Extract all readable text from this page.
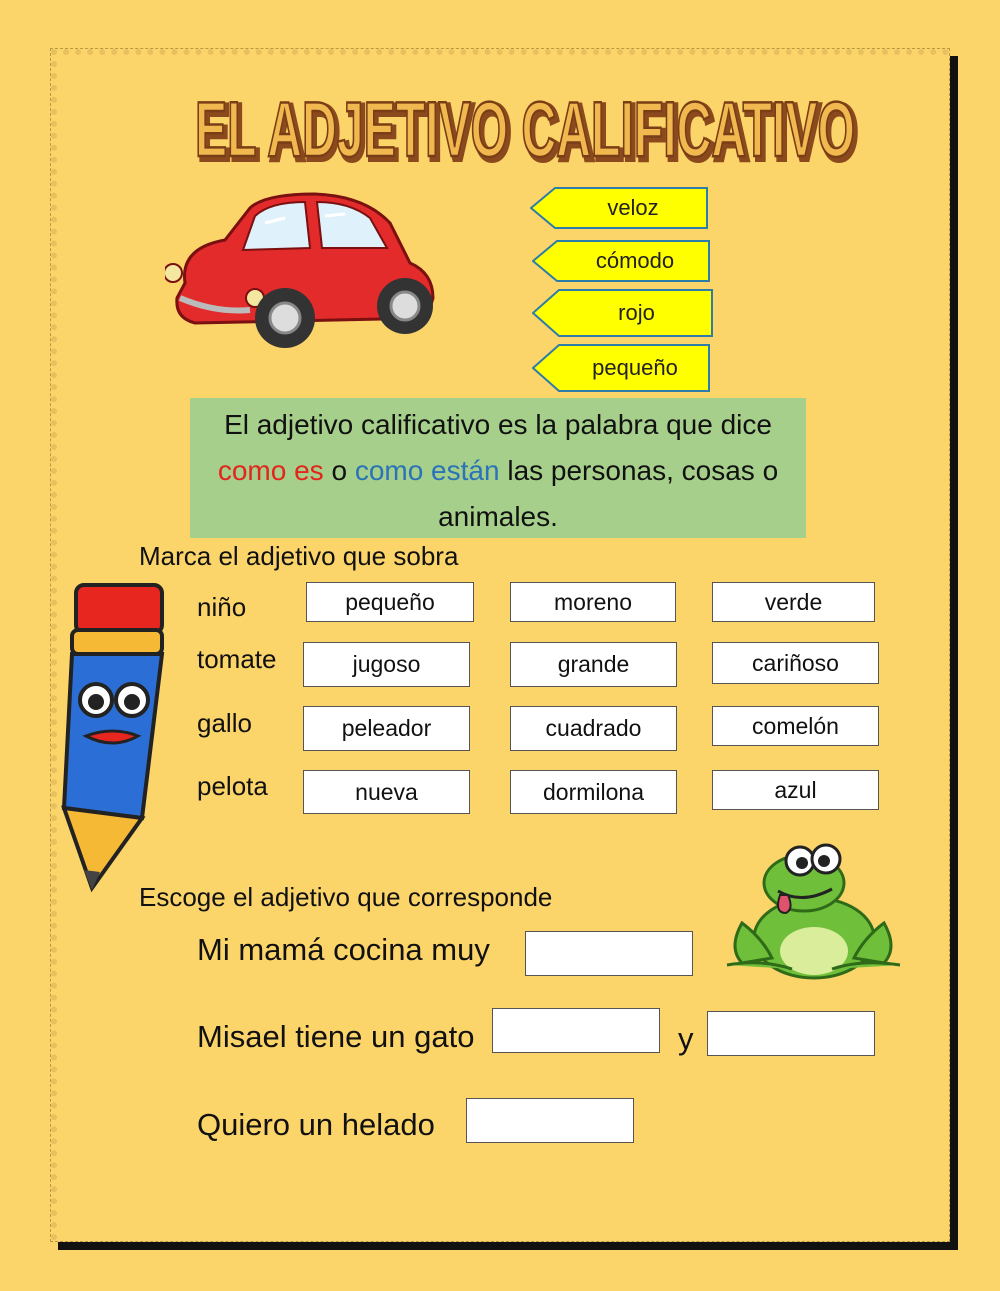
EL ADJETIVO CALIFICATIVO
EL ADJETIVO CALIFICATIVO
veloz
cómodo
rojo
pequeño
El adjetivo calificativo es la palabra que dice como es o como están las personas, cosas o animales.
Marca el adjetivo que sobra
niño	pequeño	moreno	verde
tomate	jugoso	grande	cariñoso
gallo	peleador	cuadrado	comelón
pelota	nueva	dormilona	azul
Escoge el adjetivo que corresponde
Mi mamá cocina muy
Misael tiene un gato	y
Quiero un helado
